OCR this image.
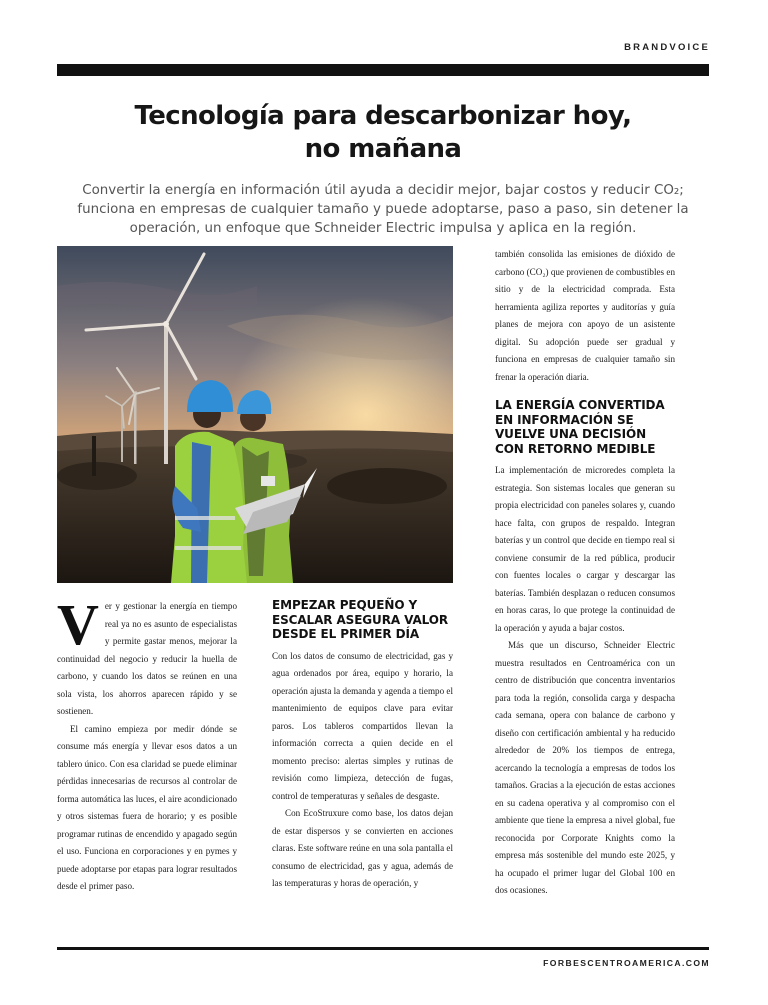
BRANDVOICE
Tecnología para descarbonizar hoy,
no mañana

Convertir la energía en información útil ayuda a decidir mejor, bajar costos y reducir CO₂; funciona en empresas de cualquier tamaño y puede adoptarse, paso a paso, sin detener la operación, un enfoque que Schneider Electric impulsa y aplica en la región.

Ver y gestionar la energía en tiempo real ya no es asunto de especialistas y permite gastar menos, mejorar la continuidad del negocio y reducir la huella de carbono, y cuando los datos se reúnen en una sola vista, los ahorros aparecen rápido y se sostienen.

El camino empieza por medir dónde se consume más energía y llevar esos datos a un tablero único. Con esa claridad se puede eliminar pérdidas innecesarias de recursos al controlar de forma automática las luces, el aire acondicionado y otros sistemas fuera de horario; y es posible programar rutinas de encendido y apagado según el uso. Funciona en corporaciones y en pymes y puede adoptarse por etapas para lograr resultados desde el primer paso.

EMPEZAR PEQUEÑO Y ESCALAR ASEGURA VALOR DESDE EL PRIMER DÍA

Con los datos de consumo de electricidad, gas y agua ordenados por área, equipo y horario, la operación ajusta la demanda y agenda a tiempo el mantenimiento de equipos clave para evitar paros. Los tableros compartidos llevan la información correcta a quien decide en el momento preciso: alertas simples y rutinas de revisión como limpieza, detección de fugas, control de temperaturas y señales de desgaste.

Con EcoStruxure como base, los datos dejan de estar dispersos y se convierten en acciones claras. Este software reúne en una sola pantalla el consumo de electricidad, gas y agua, además de las temperaturas y horas de operación, y

también consolida las emisiones de dióxido de carbono (CO₂) que provienen de combustibles en sitio y de la electricidad comprada. Esta herramienta agiliza reportes y auditorías y guía planes de mejora con apoyo de un asistente digital. Su adopción puede ser gradual y funciona en empresas de cualquier tamaño sin frenar la operación diaria.

LA ENERGÍA CONVERTIDA EN INFORMACIÓN SE VUELVE UNA DECISIÓN CON RETORNO MEDIBLE

La implementación de microredes completa la estrategia. Son sistemas locales que generan su propia electricidad con paneles solares y, cuando hace falta, con grupos de respaldo. Integran baterías y un control que decide en tiempo real si conviene consumir de la red pública, producir con fuentes locales o cargar y descargar las baterías. También desplazan o reducen consumos en horas caras, lo que protege la continuidad de la operación y ayuda a bajar costos.

Más que un discurso, Schneider Electric muestra resultados en Centroamérica con un centro de distribución que concentra inventarios para toda la región, consolida carga y despacha cada semana, opera con balance de carbono y diseño con certificación ambiental y ha reducido alrededor de 20% los tiempos de entrega, acercando la tecnología a empresas de todos los tamaños. Gracias a la ejecución de estas acciones en su cadena operativa y al compromiso con el ambiente que tiene la empresa a nivel global, fue reconocida por Corporate Knights como la empresa más sostenible del mundo este 2025, y ha ocupado el primer lugar del Global 100 en dos ocasiones.

FORBESCENTROAMERICA.COM
